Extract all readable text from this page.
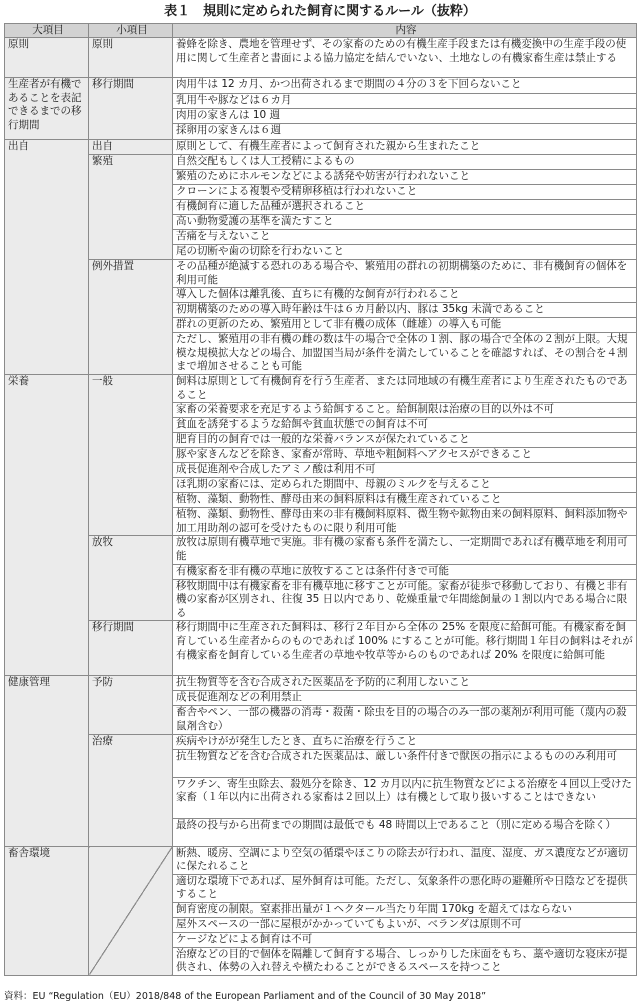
表１　規則に定められた飼育に関するルール（抜粋）
大項目	小項目	内容
原則	原則	養蜂を除き、農地を管理せず、その家畜のための有機生産手段または有機変換中の生産手段の使用に関して生産者と書面による協力協定を結んでいない、土地なしの有機家畜生産は禁止する
生産者が有機であることを表記できるまでの移行期間	移行期間	肉用牛は 12 カ月、かつ出荷されるまで期間の４分の３を下回らないこと
		乳用牛や豚などは６カ月
		肉用の家きんは 10 週
		採卵用の家きんは６週
出自	出自	原則として、有機生産者によって飼育された親から生まれたこと
	繁殖	自然交配もしくは人工授精によるもの
		繁殖のためにホルモンなどによる誘発や妨害が行われないこと
		クローンによる複製や受精卵移植は行われないこと
		有機飼育に適した品種が選択されること
		高い動物愛護の基準を満たすこと
		苦痛を与えないこと
		尾の切断や歯の切除を行わないこと
	例外措置	その品種が絶滅する恐れのある場合や、繁殖用の群れの初期構築のために、非有機飼育の個体を利用可能
		導入した個体は離乳後、直ちに有機的な飼育が行われること
		初期構築のための導入時年齢は牛は６カ月齢以内、豚は 35kg 未満であること
		群れの更新のため、繁殖用として非有機の成体（雌雄）の導入も可能
		ただし、繁殖用の非有機の雌の数は牛の場合で全体の１割、豚の場合で全体の２割が上限。大規模な規模拡大などの場合、加盟国当局が条件を満たしていることを確認すれば、その割合を４割まで増加させることも可能
栄養	一般	飼料は原則として有機飼育を行う生産者、または同地域の有機生産者により生産されたものであること
		家畜の栄養要求を充足するよう給餌すること。給餌制限は治療の目的以外は不可
		貧血を誘発するような給餌や貧血状態での飼育は不可
		肥育目的の飼育では一般的な栄養バランスが保たれていること
		豚や家きんなどを除き、家畜が常時、草地や粗飼料へアクセスができること
		成長促進剤や合成したアミノ酸は利用不可
		ほ乳期の家畜には、定められた期間中、母親のミルクを与えること
		植物、藻類、動物性、酵母由来の飼料原料は有機生産されていること
		植物、藻類、動物性、酵母由来の非有機飼料原料、微生物や鉱物由来の飼料原料、飼料添加物や加工用助剤の認可を受けたものに限り利用可能
	放牧	放牧は原則有機草地で実施。非有機の家畜も条件を満たし、一定期間であれば有機草地を利用可能
		有機家畜を非有機の草地に放牧することは条件付きで可能
		移牧期間中は有機家畜を非有機草地に移すことが可能。家畜が徒歩で移動しており、有機と非有機の家畜が区別され、往復 35 日以内であり、乾燥重量で年間総飼量の１割以内である場合に限る
	移行期間	移行期間中に生産された飼料は、移行２年目から全体の 25% を限度に給餌可能。有機家畜を飼育している生産者からのものであれば 100% にすることが可能。移行期間１年目の飼料はそれが有機家畜を飼育している生産者の草地や牧草等からのものであれば 20% を限度に給餌可能
健康管理	予防	抗生物質等を含む合成された医薬品を予防的に利用しないこと
		成長促進剤などの利用禁止
		畜舎やペン、一部の機器の消毒・殺菌・除虫を目的の場合のみ一部の薬剤が利用可能（蔑内の殺鼠剤含む）
	治療	疾病やけがが発生したとき、直ちに治療を行うこと
		抗生物質などを含む合成された医薬品は、厳しい条件付きで獣医の指示によるもののみ利用可
		ワクチン、寄生虫除去、殺処分を除き、12 カ月以内に抗生物質などによる治療を４回以上受けた家畜（１年以内に出荷される家畜は２回以上）は有機として取り扱いすることはできない
		最終の投与から出荷までの期間は最低でも 48 時間以上であること（別に定める場合を除く）
畜舎環境		断熱、暖房、空調により空気の循環やほこりの除去が行われ、温度、湿度、ガス濃度などが適切に保たれること
		適切な環境下であれば、屋外飼育は可能。ただし、気象条件の悪化時の避難所や日陰などを提供すること
		飼育密度の制限。窒素排出量が１ヘクタール当たり年間 170kg を超えてはならない
		屋外スペースの一部に屋根がかかっていてもよいが、ベランダは原則不可
		ケージなどによる飼育は不可
		治療などの目的で個体を隔離して飼育する場合、しっかりした床面をもち、藁や適切な寝床が提供され、体勢の入れ替えや横たわることができるスペースを持つこと
資料：EU “Regulation（EU）2018/848 of the European Parliament and of the Council of 30 May 2018”
